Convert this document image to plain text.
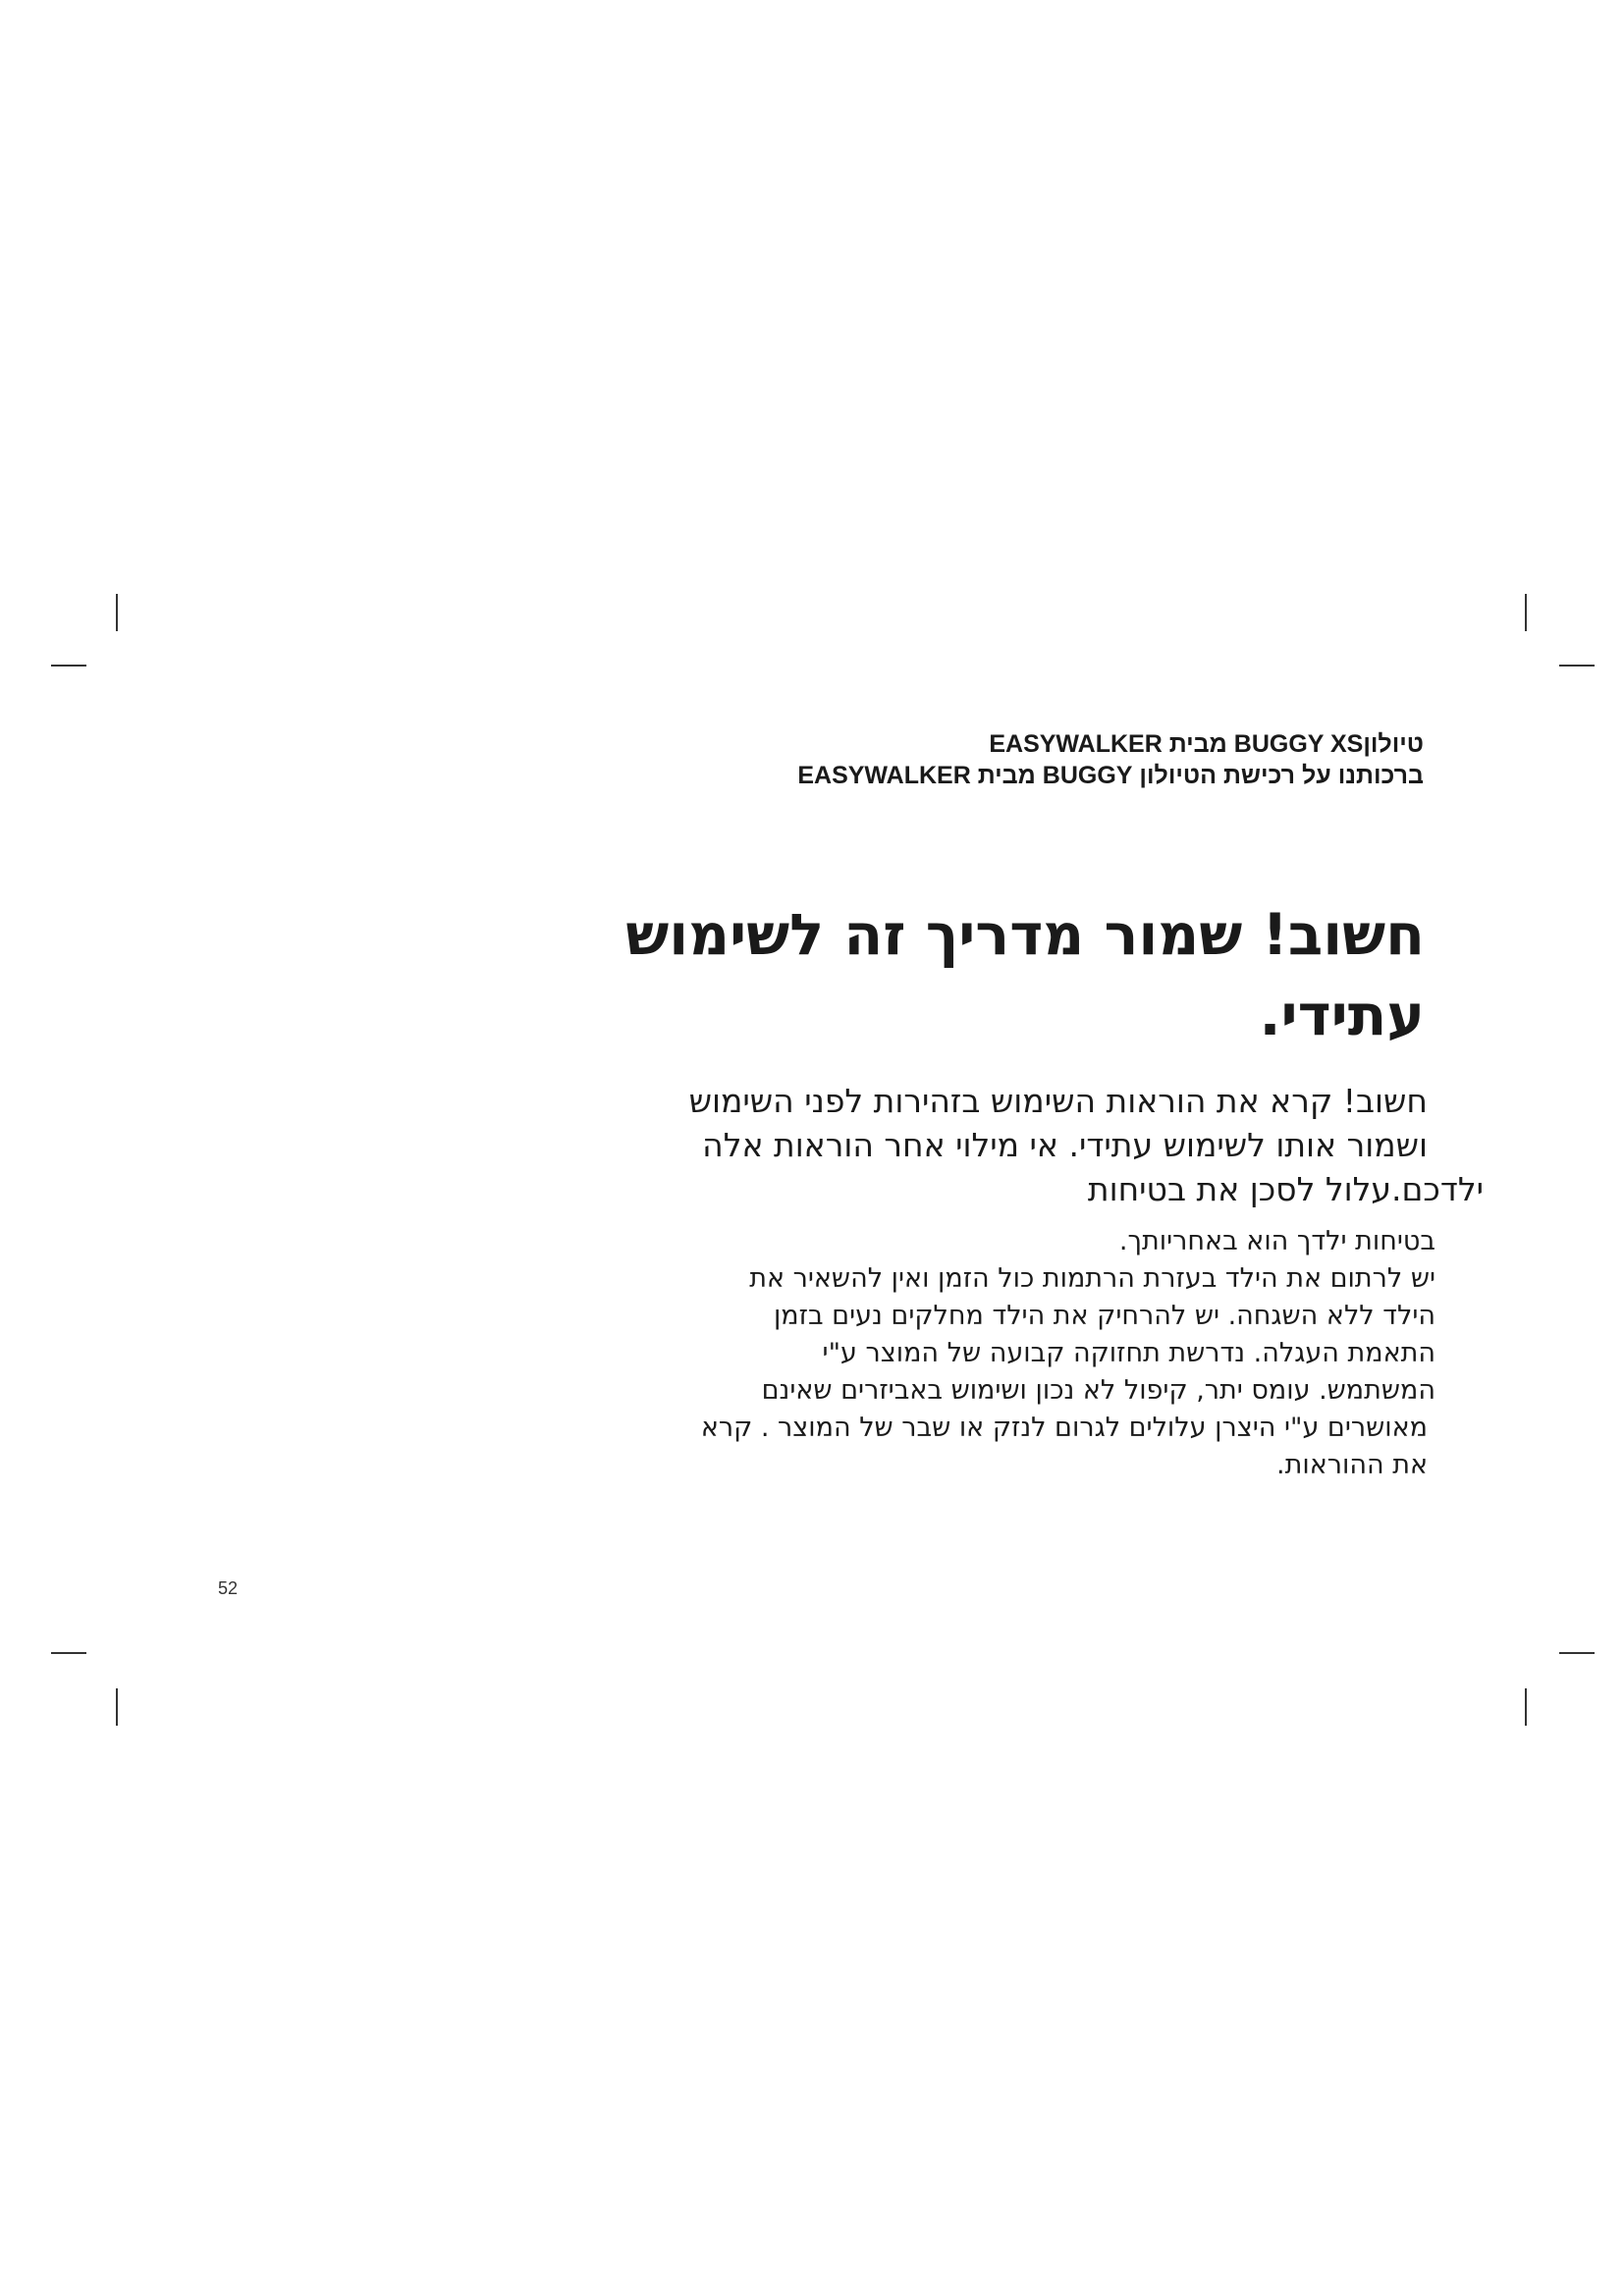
טיולוןBUGGY XS מבית EASYWALKER
ברכותנו על רכישת הטיולון BUGGY מבית EASYWALKER
חשוב! שמור מדריך זה לשימוש
עתידי.
חשוב! קרא את הוראות השימוש בזהירות לפני השימוש
ושמור אותו לשימוש עתידי. אי מילוי אחר הוראות אלה
ילדכם.עלול לסכן את בטיחות
בטיחות ילדך הוא באחריותך.
יש לרתום את הילד בעזרת הרתמות כול הזמן ואין להשאיר את
הילד ללא השגחה. יש להרחיק את הילד מחלקים נעים בזמן
התאמת העגלה. נדרשת תחזוקה קבועה של המוצר ע"י
המשתמש. עומס יתר, קיפול לא נכון ושימוש באביזרים שאינם
מאושרים ע"י היצרן עלולים לגרום לנזק או שבר של המוצר . קרא
את ההוראות.
52
